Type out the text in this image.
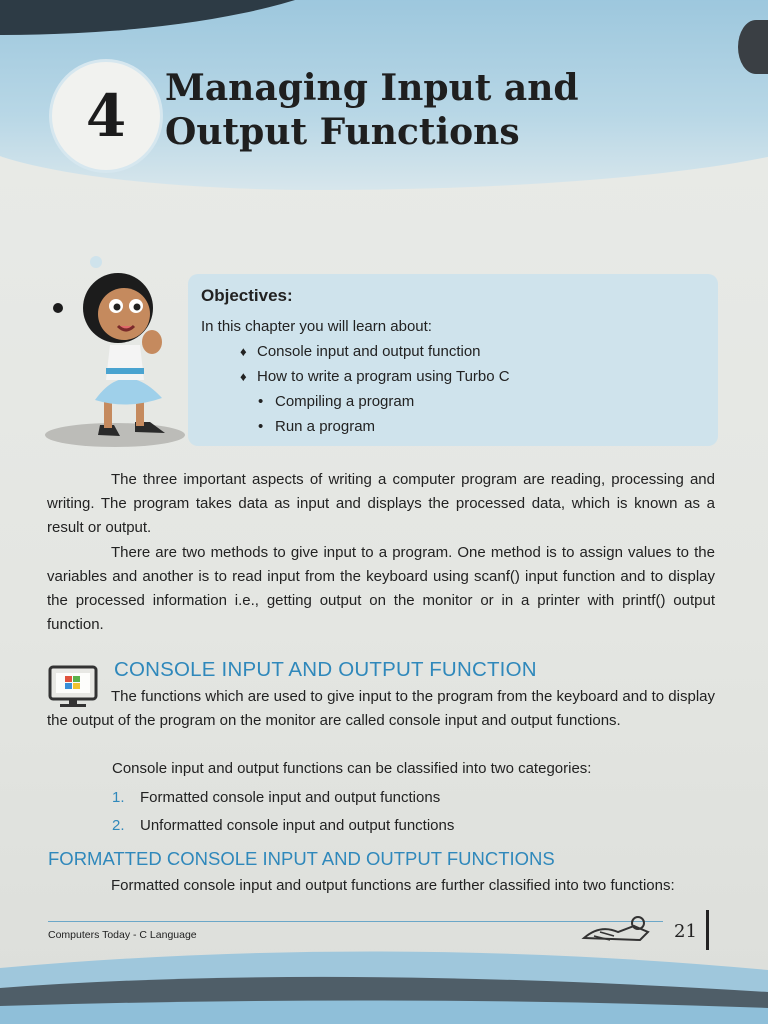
4 Managing Input and
Output Functions
Objectives:
In this chapter you will learn about:
♦ Console input and output function
♦ How to write a program using Turbo C
• Compiling a program
• Run a program

The three important aspects of writing a computer program are reading, processing and writing. The program takes data as input and displays the processed data, which is known as a result or output.

There are two methods to give input to a program. One method is to assign values to the variables and another is to read input from the keyboard using scanf() input function and to display the processed information i.e., getting output on the monitor or in a printer with printf() output function.

CONSOLE INPUT AND OUTPUT FUNCTION

The functions which are used to give input to the program from the keyboard and to display the output of the program on the monitor are called console input and output functions.

Console input and output functions can be classified into two categories:
1. Formatted console input and output functions
2. Unformatted console input and output functions
FORMATTED CONSOLE INPUT AND OUTPUT FUNCTIONS

Formatted console input and output functions are further classified into two functions:

Computers Today - C Language	21
